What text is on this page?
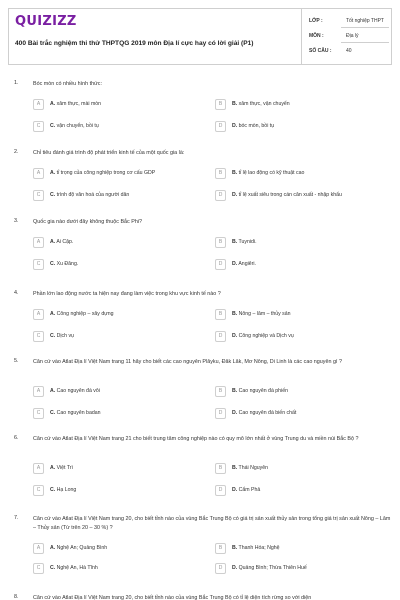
QUIZIZZ
400 Bài trắc nghiệm thi thử THPTQG 2019 môn Địa lí cực hay có lời giải (P1)
LỚP :	Tốt nghiệp THPT
MÔN :	Địa lý
SỐ CÂU :	40
1.	Bóc mòn có nhiều hình thức:
A	A. xâm thực, mài mòn	B	B. xâm thực, vận chuyển
C	C. vận chuyển, bồi tụ	D	D. bóc mòn, bồi tụ
2.	Chỉ tiêu đánh giá trình độ phát triển kinh tế của một quốc gia là:
A	A. tỉ trọng của công nghiệp trong cơ cấu GDP	B	B. tỉ lệ lao động có kỹ thuật cao
C	C. trình độ văn hoá của người dân	D	D. tỉ lệ xuất siêu trong cán cân xuất - nhập khẩu
3.	Quốc gia nào dưới đây không thuộc Bắc Phi?
A	A. Ai Cập.	B	B. Tuynidi.
C	C. Xu Đăng.	D	D. Angiêri.
4.	Phần lớn lao động nước ta hiện nay đang làm việc trong khu vực kinh tế nào ?
A	A. Công nghiệp – xây dựng	B	B. Nông – lâm – thủy sản
C	C. Dịch vụ	D	D. Công nghiệp và Dịch vụ
5.	Căn cứ vào Atlat Địa lí Việt Nam trang 11 hãy cho biết các cao nguyên Plâyku, Đăk Lăk, Mơ Nông, Di Linh là các cao nguyên gì ?
A	A. Cao nguyên đá vôi	B	B. Cao nguyên đá phiến
C	C. Cao nguyên badan	D	D. Cao nguyên đá biến chất
6.	Căn cứ vào Atlat Địa lí Việt Nam trang 21 cho biết trung tâm công nghiệp nào có quy mô lớn nhất ở vùng Trung du và miền núi Bắc Bộ ?
A	A. Việt Trì	B	B. Thái Nguyên
C	C. Hạ Long	D	D. Cẩm Phả
7.	Căn cứ vào Atlat Địa lí Việt Nam trang 20, cho biết tỉnh nào của vùng Bắc Trung Bộ có giá trị sản xuất thủy sản trong tổng giá trị sản xuất Nông – Lâm – Thủy sản (Từ trên 20 – 30 %) ?
A	A. Nghệ An; Quảng Bình	B	B. Thanh Hóa; Nghệ
C	C. Nghệ An, Hà Tĩnh	D	D. Quảng Bình; Thừa Thiên Huế
8.	Căn cứ vào Atlat Địa lí Việt Nam trang 20, cho biết tỉnh nào của vùng Bắc Trung Bộ có tỉ lệ diện tích rừng so với diện
